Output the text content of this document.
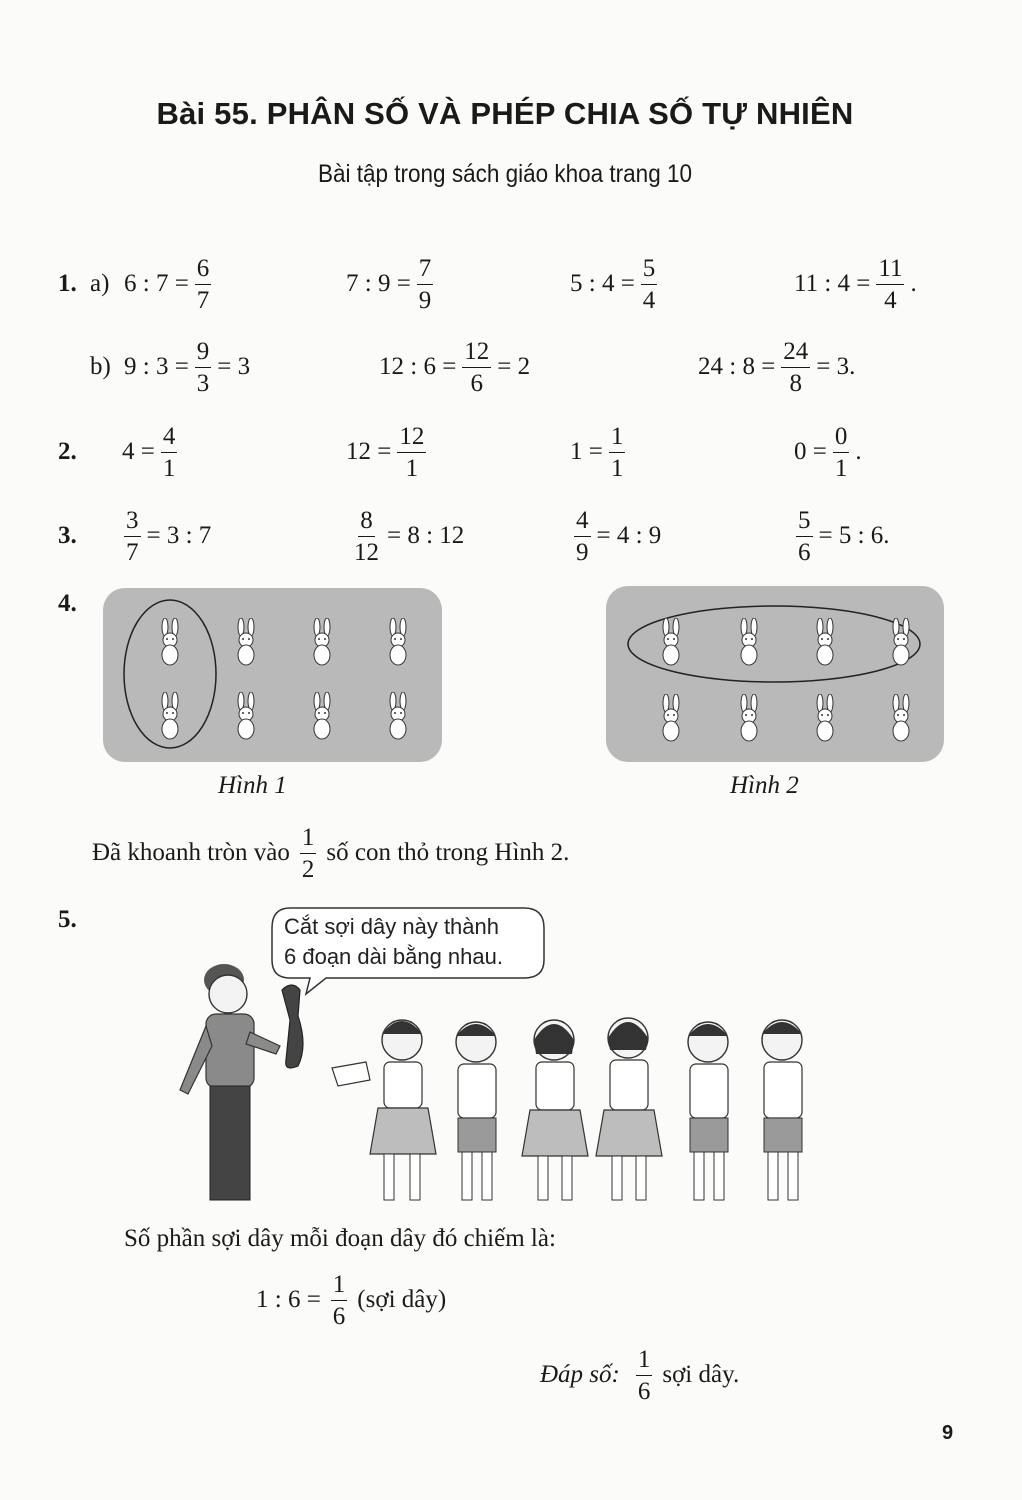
Bài 55. PHÂN SỐ VÀ PHÉP CHIA SỐ TỰ NHIÊN
Bài tập trong sách giáo khoa trang 10
1. a) 6 : $7 = \frac{6}{7}$	7 : $9 = \frac{7}{9}$	5 : $4 = \frac{5}{4}$	11 : $4 = \frac{11}{4}$ .
b) 9 : $3 = \frac{9}{3} = 3$	12 : $6 = \frac{12}{6} = 2$	24 : $8 = \frac{24}{8} = 3$.
2. $4 = \frac{4}{1}$	$12 = \frac{12}{1}$	$1 = \frac{1}{1}$	$0 = \frac{0}{1}$ .
3. $\frac{3}{7} = 3$ : 7	$\frac{8}{12} = 8$ : 12	$\frac{4}{9} = 4$ : 9	$\frac{5}{6} = 5$ : 6.
4.
Hình 1	Hình 2
Đã khoanh tròn vào $\frac{1}{2}$ số con thỏ trong Hình 2.
5.	Cắt sợi dây này thành
6 đoạn dài bằng nhau.
Số phần sợi dây mỗi đoạn dây đó chiếm là:
1 : $6 = \frac{1}{6}$ (sợi dây)
Đáp số: $\frac{1}{6}$ sợi dây.
9
